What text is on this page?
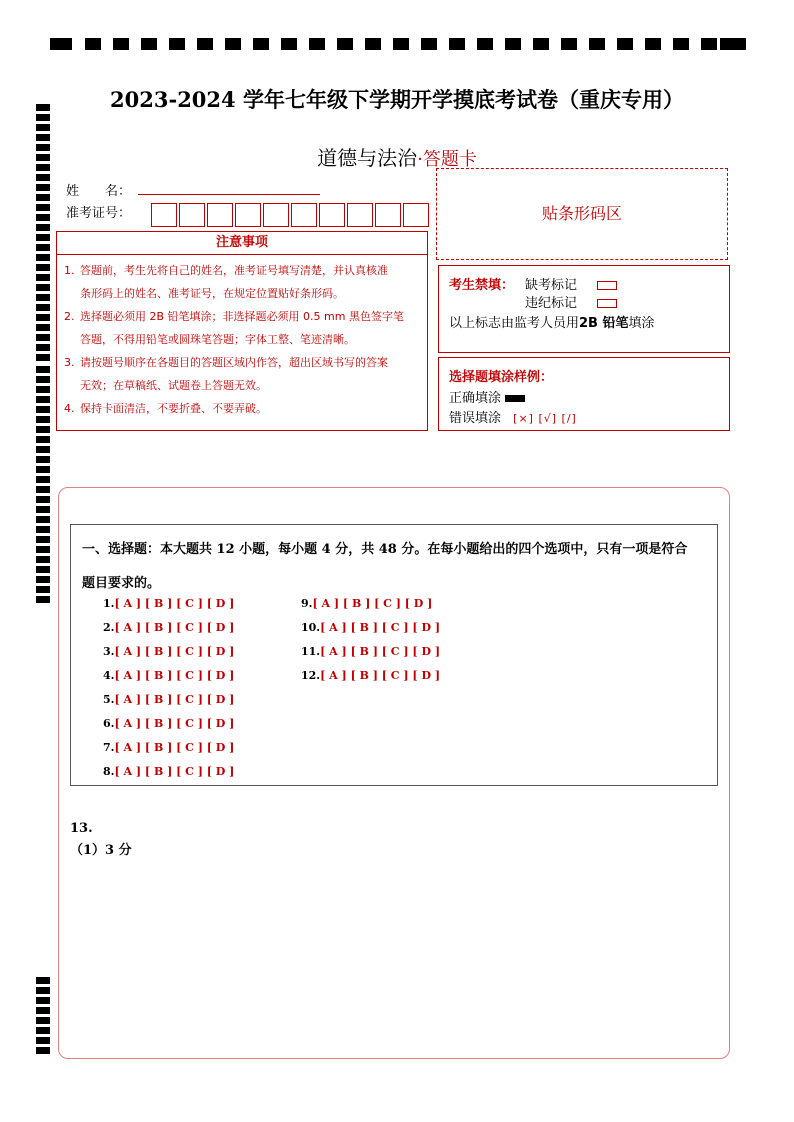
2023-2024 学年七年级下学期开学摸底考试卷（重庆专用）
道德与法治·答题卡
姓　　名：
准考证号：	贴条形码区
注意事项
1. 答题前，考生先将自己的姓名，准考证号填写清楚，并认真核准
条形码上的姓名、准考证号，在规定位置贴好条形码。
2. 选择题必须用 2B 铅笔填涂；非选择题必须用 0.5 mm 黑色签字笔
答题，不得用铅笔或圆珠笔答题；字体工整、笔迹清晰。
3. 请按题号顺序在各题目的答题区域内作答，超出区域书写的答案
无效；在草稿纸、试题卷上答题无效。
4. 保持卡面清洁，不要折叠、不要弄破。
考生禁填： 缺考标记
违纪标记
以上标志由监考人员用2B 铅笔填涂
选择题填涂样例：
正确填涂
错误填涂 [×] [√] [/]
一、选择题：本大题共 12 小题，每小题 4 分，共 48 分。在每小题给出的四个选项中，只有一项是符合
题目要求的。
1.[ A ] [ B ] [ C ] [ D ]
2.[ A ] [ B ] [ C ] [ D ]
3.[ A ] [ B ] [ C ] [ D ]
4.[ A ] [ B ] [ C ] [ D ]
5.[ A ] [ B ] [ C ] [ D ]
6.[ A ] [ B ] [ C ] [ D ]
7.[ A ] [ B ] [ C ] [ D ]
8.[ A ] [ B ] [ C ] [ D ]
9.[ A ] [ B ] [ C ] [ D ]
10.[ A ] [ B ] [ C ] [ D ]
11.[ A ] [ B ] [ C ] [ D ]
12.[ A ] [ B ] [ C ] [ D ]
13.
（1）3 分
